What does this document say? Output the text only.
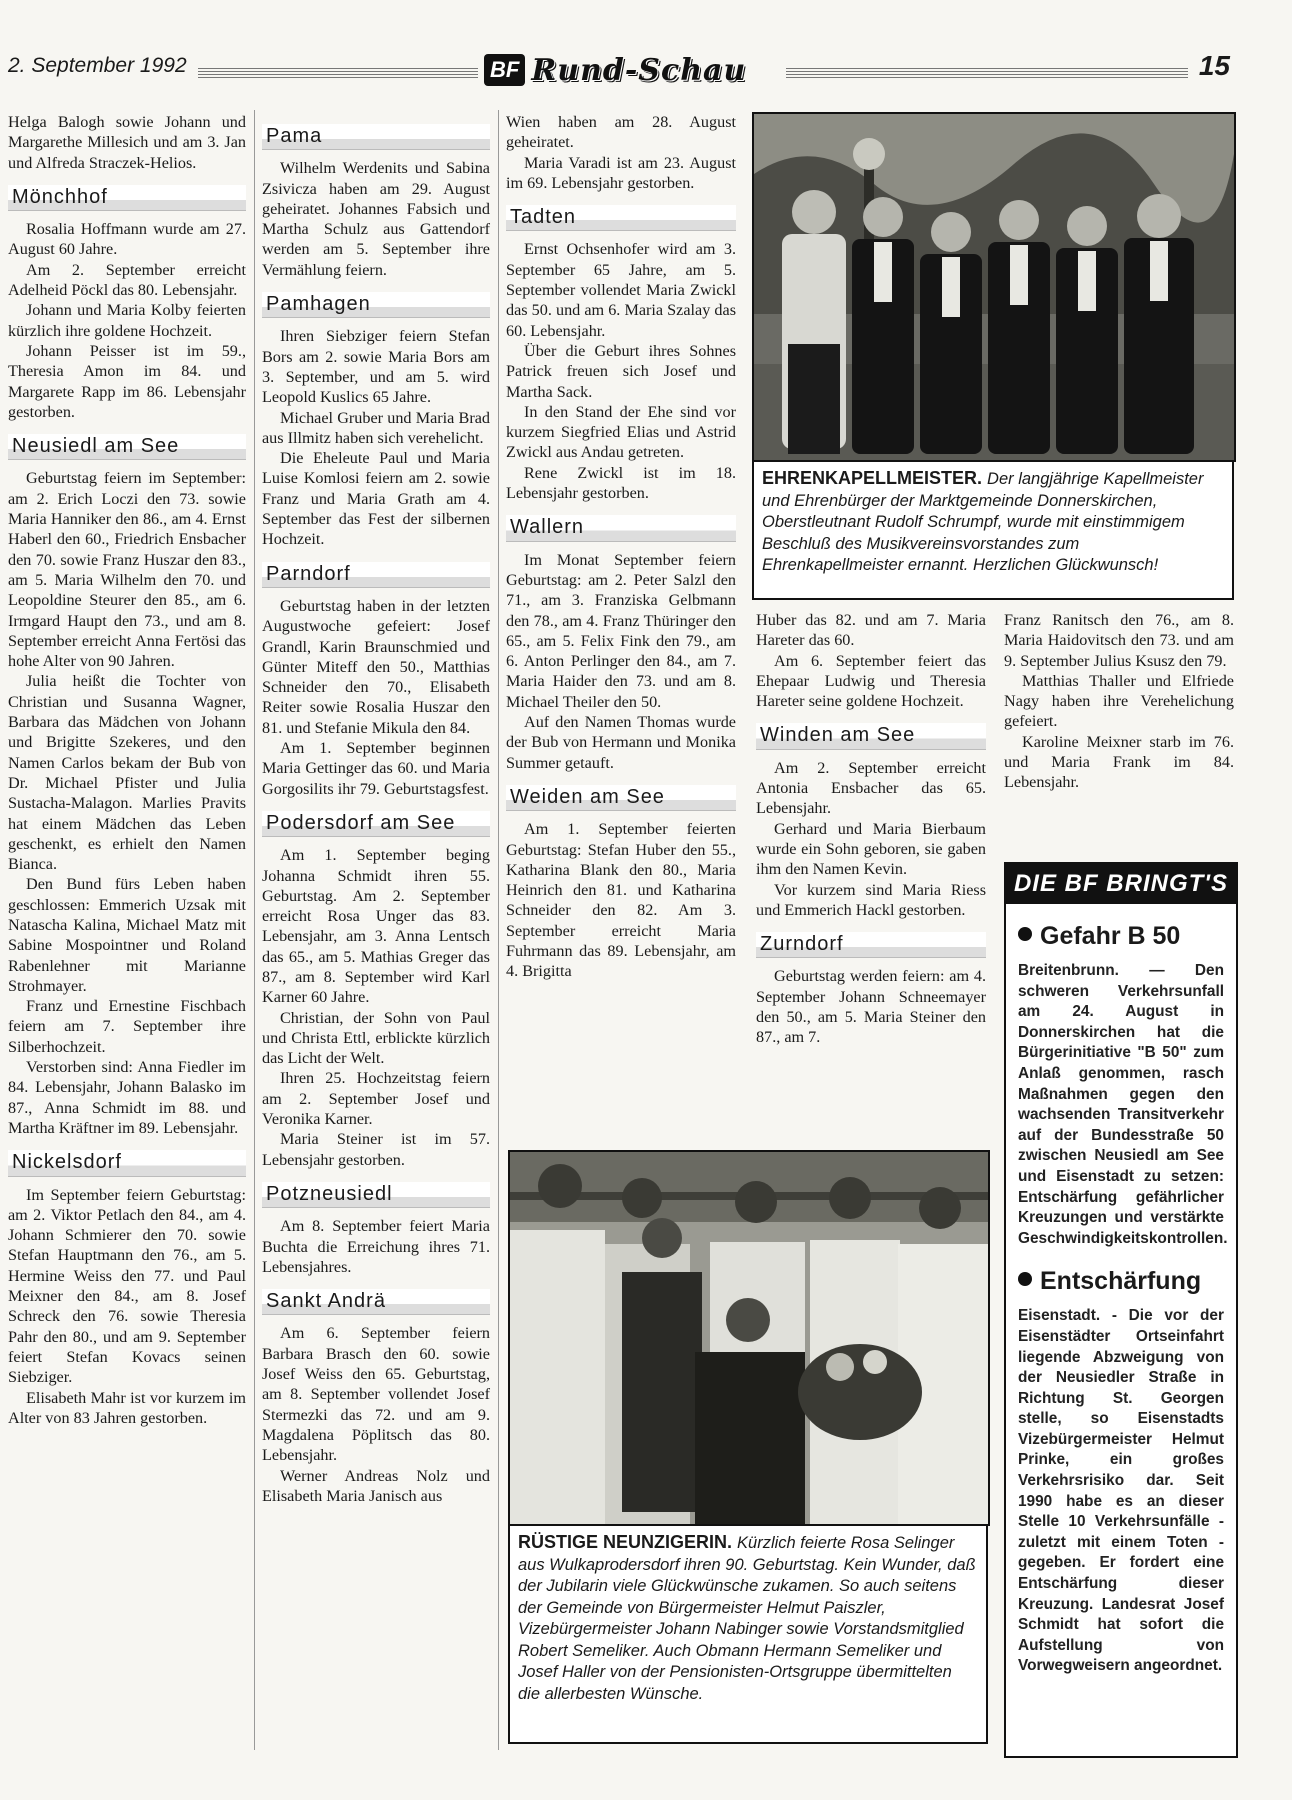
2. September 1992	BF Rund-Schau	15

Helga Balogh sowie Johann und Margarethe Millesich und am 3. Jan und Alfreda Straczek-Helios.

Mönchhof

Rosalia Hoffmann wurde am 27. August 60 Jahre.

Am 2. September erreicht Adelheid Pöckl das 80. Lebensjahr.

Johann und Maria Kolby feierten kürzlich ihre goldene Hochzeit.

Johann Peisser ist im 59., Theresia Amon im 84. und Margarete Rapp im 86. Lebensjahr gestorben.

Neusiedl am See

Geburtstag feiern im September: am 2. Erich Loczi den 73. sowie Maria Hanniker den 86., am 4. Ernst Haberl den 60., Friedrich Ensbacher den 70. sowie Franz Huszar den 83., am 5. Maria Wilhelm den 70. und Leopoldine Steurer den 85., am 6. Irmgard Haupt den 73., und am 8. September erreicht Anna Fertösi das hohe Alter von 90 Jahren.

Julia heißt die Tochter von Christian und Susanna Wagner, Barbara das Mädchen von Johann und Brigitte Szekeres, und den Namen Carlos bekam der Bub von Dr. Michael Pfister und Julia Sustacha-Malagon. Marlies Pravits hat einem Mädchen das Leben geschenkt, es erhielt den Namen Bianca.

Den Bund fürs Leben haben geschlossen: Emmerich Uzsak mit Natascha Kalina, Michael Matz mit Sabine Mospointner und Roland Rabenlehner mit Marianne Strohmayer.

Franz und Ernestine Fischbach feiern am 7. September ihre Silberhochzeit.

Verstorben sind: Anna Fiedler im 84. Lebensjahr, Johann Balasko im 87., Anna Schmidt im 88. und Martha Kräftner im 89. Lebensjahr.

Nickelsdorf

Im September feiern Geburtstag: am 2. Viktor Petlach den 84., am 4. Johann Schmierer den 70. sowie Stefan Hauptmann den 76., am 5. Hermine Weiss den 77. und Paul Meixner den 84., am 8. Josef Schreck den 76. sowie Theresia Pahr den 80., und am 9. September feiert Stefan Kovacs seinen Siebziger.

Elisabeth Mahr ist vor kurzem im Alter von 83 Jahren gestorben.

Pama

Wilhelm Werdenits und Sabina Zsivicza haben am 29. August geheiratet. Johannes Fabsich und Martha Schulz aus Gattendorf werden am 5. September ihre Vermählung feiern.

Pamhagen

Ihren Siebziger feiern Stefan Bors am 2. sowie Maria Bors am 3. September, und am 5. wird Leopold Kuslics 65 Jahre.

Michael Gruber und Maria Brad aus Illmitz haben sich verehelicht.

Die Eheleute Paul und Maria Luise Komlosi feiern am 2. sowie Franz und Maria Grath am 4. September das Fest der silbernen Hochzeit.

Parndorf

Geburtstag haben in der letzten Augustwoche gefeiert: Josef Grandl, Karin Braunschmied und Günter Miteff den 50., Matthias Schneider den 70., Elisabeth Reiter sowie Rosalia Huszar den 81. und Stefanie Mikula den 84.

Am 1. September beginnen Maria Gettinger das 60. und Maria Gorgosilits ihr 79. Geburtstagsfest.

Podersdorf am See

Am 1. September beging Johanna Schmidt ihren 55. Geburtstag. Am 2. September erreicht Rosa Unger das 83. Lebensjahr, am 3. Anna Lentsch das 65., am 5. Mathias Greger das 87., am 8. September wird Karl Karner 60 Jahre.

Christian, der Sohn von Paul und Christa Ettl, erblickte kürzlich das Licht der Welt.

Ihren 25. Hochzeitstag feiern am 2. September Josef und Veronika Karner.

Maria Steiner ist im 57. Lebensjahr gestorben.

Potzneusiedl

Am 8. September feiert Maria Buchta die Erreichung ihres 71. Lebensjahres.

Sankt Andrä

Am 6. September feiern Barbara Brasch den 60. sowie Josef Weiss den 65. Geburtstag, am 8. September vollendet Josef Stermezki das 72. und am 9. Magdalena Pöplitsch das 80. Lebensjahr.

Werner Andreas Nolz und Elisabeth Maria Janisch aus

Wien haben am 28. August geheiratet.

Maria Varadi ist am 23. August im 69. Lebensjahr gestorben.

Tadten

Ernst Ochsenhofer wird am 3. September 65 Jahre, am 5. September vollendet Maria Zwickl das 50. und am 6. Maria Szalay das 60. Lebensjahr.

Über die Geburt ihres Sohnes Patrick freuen sich Josef und Martha Sack.

In den Stand der Ehe sind vor kurzem Siegfried Elias und Astrid Zwickl aus Andau getreten.

Rene Zwickl ist im 18. Lebensjahr gestorben.

Wallern

Im Monat September feiern Geburtstag: am 2. Peter Salzl den 71., am 3. Franziska Gelbmann den 78., am 4. Franz Thüringer den 65., am 5. Felix Fink den 79., am 6. Anton Perlinger den 84., am 7. Maria Haider den 73. und am 8. Michael Theiler den 50.

Auf den Namen Thomas wurde der Bub von Hermann und Monika Summer getauft.

Weiden am See

Am 1. September feierten Geburtstag: Stefan Huber den 55., Katharina Blank den 80., Maria Heinrich den 81. und Katharina Schneider den 82. Am 3. September erreicht Maria Fuhrmann das 89. Lebensjahr, am 4. Brigitta

Huber das 82. und am 7. Maria Hareter das 60.

Am 6. September feiert das Ehepaar Ludwig und Theresia Hareter seine goldene Hochzeit.

Winden am See

Am 2. September erreicht Antonia Ensbacher das 65. Lebensjahr.

Gerhard und Maria Bierbaum wurde ein Sohn geboren, sie gaben ihm den Namen Kevin.

Vor kurzem sind Maria Riess und Emmerich Hackl gestorben.

Zurndorf

Geburtstag werden feiern: am 4. September Johann Schneemayer den 50., am 5. Maria Steiner den 87., am 7.

Franz Ranitsch den 76., am 8. Maria Haidovitsch den 73. und am 9. September Julius Ksusz den 79.

Matthias Thaller und Elfriede Nagy haben ihre Verehelichung gefeiert.

Karoline Meixner starb im 76. und Maria Frank im 84. Lebensjahr.

EHRENKAPELLMEISTER. Der langjährige Kapellmeister und Ehrenbürger der Marktgemeinde Donnerskirchen, Oberstleutnant Rudolf Schrumpf, wurde mit einstimmigem Beschluß des Musikvereinsvorstandes zum Ehrenkapellmeister ernannt. Herzlichen Glückwunsch!
RÜSTIGE NEUNZIGERIN. Kürzlich feierte Rosa Selinger aus Wulkaprodersdorf ihren 90. Geburtstag. Kein Wunder, daß der Jubilarin viele Glückwünsche zukamen. So auch seitens der Gemeinde von Bürgermeister Helmut Paiszler, Vizebürgermeister Johann Nabinger sowie Vorstandsmitglied Robert Semeliker. Auch Obmann Hermann Semeliker und Josef Haller von der Pensionisten-Ortsgruppe übermittelten die allerbesten Wünsche.
DIE BF BRINGT'S
Gefahr B 50
Breitenbrunn. — Den schweren Verkehrsunfall am 24. August in Donnerskirchen hat die Bürgerinitiative "B 50" zum Anlaß genommen, rasch Maßnahmen gegen den wachsenden Transitverkehr auf der Bundesstraße 50 zwischen Neusiedl am See und Eisenstadt zu setzen: Entschärfung gefährlicher Kreuzungen und verstärkte Geschwindigkeitskontrollen.
Entschärfung
Eisenstadt. - Die vor der Eisenstädter Ortseinfahrt liegende Abzweigung von der Neusiedler Straße in Richtung St. Georgen stelle, so Eisenstadts Vizebürgermeister Helmut Prinke, ein großes Verkehrsrisiko dar. Seit 1990 habe es an dieser Stelle 10 Verkehrsunfälle - zuletzt mit einem Toten - gegeben. Er fordert eine Entschärfung dieser Kreuzung. Landesrat Josef Schmidt hat sofort die Aufstellung von Vorwegweisern angeordnet.
